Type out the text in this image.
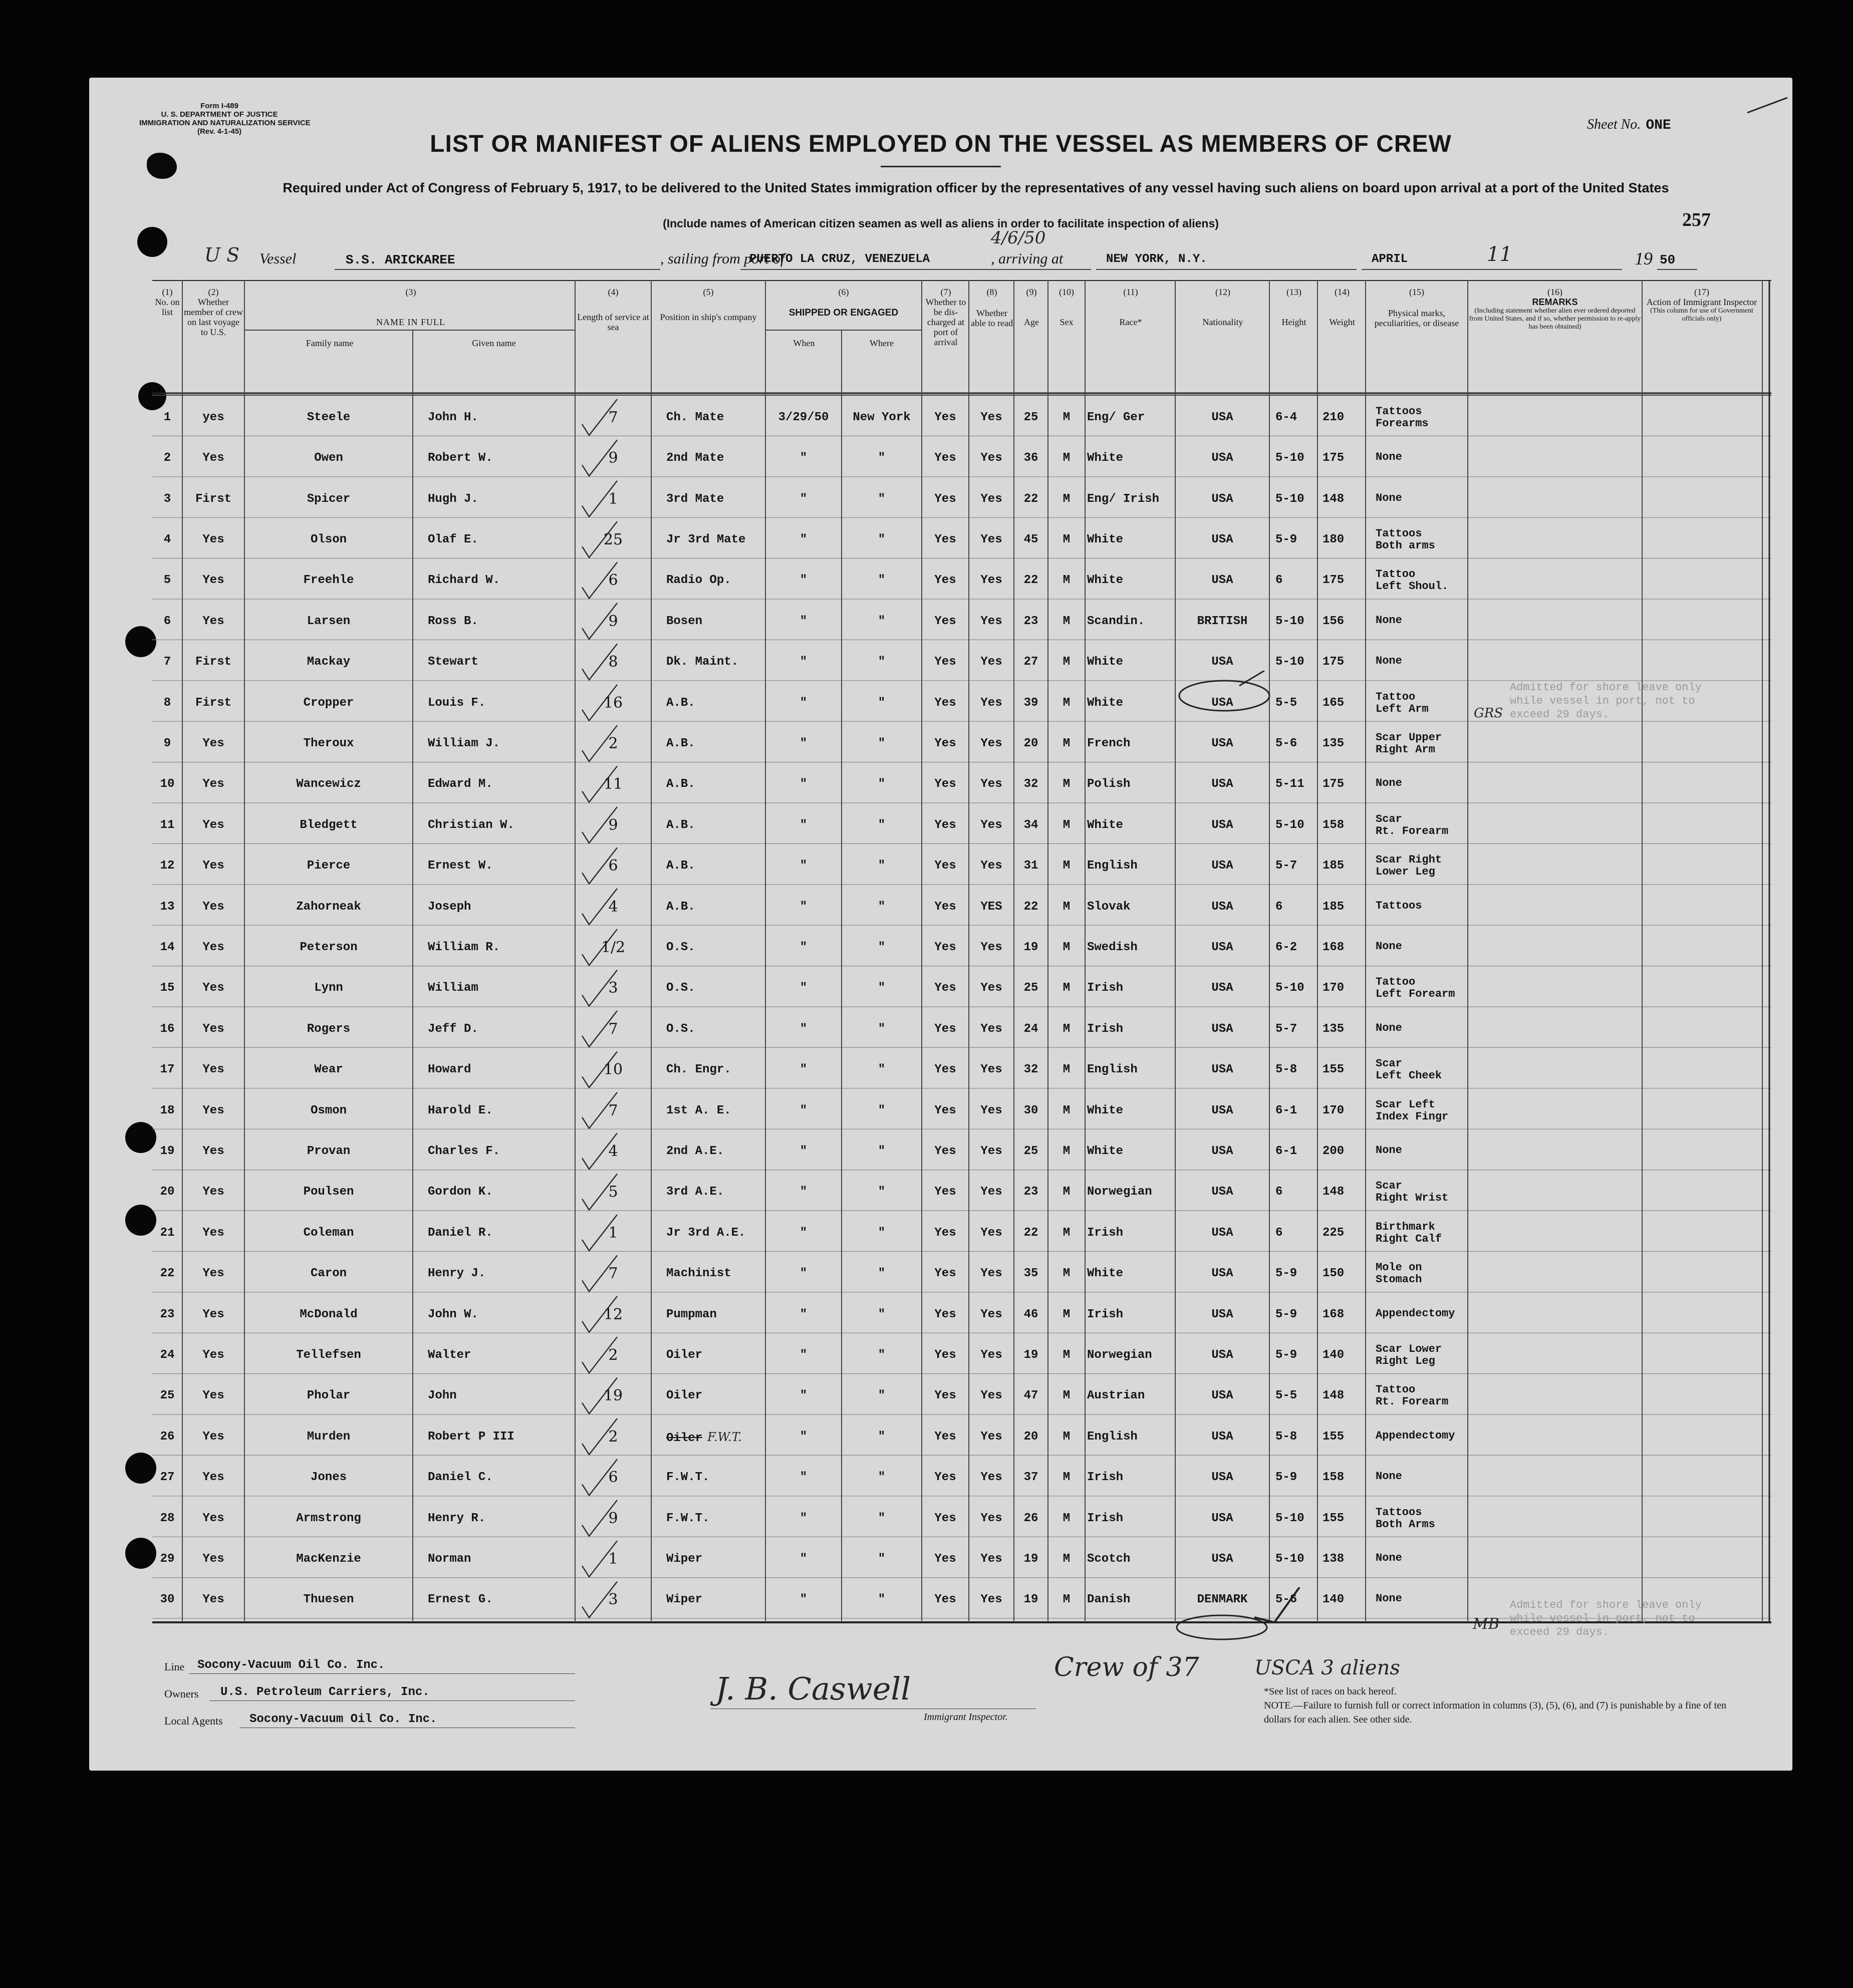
Form I-489
U. S. DEPARTMENT OF JUSTICE
IMMIGRATION AND NATURALIZATION SERVICE
(Rev. 4-1-45)	Sheet No. ONE
LIST OR MANIFEST OF ALIENS EMPLOYED ON THE VESSEL AS MEMBERS OF CREW
Required under Act of Congress of February 5, 1917, to be delivered to the United States immigration officer by the representatives of any vessel having such aliens on board upon arrival at a port of the United States
(Include names of American citizen seamen as well as aliens in order to facilitate inspection of aliens)	257
U S Vessel	S.S. ARICKAREE	, sailing from port of
PUERTO LA CRUZ, VENEZUELA
4/6/50
, arriving at	NEW YORK, N.Y.	APRIL	11	19 50
(1)
No. on list
(2)
Whether member of crew on last voyage to U.S.
(3)
NAME IN FULL
Family name	Given name
(4)
Length of service at sea
(5)
Position in ship's company
(6)
SHIPPED OR ENGAGED
When	Where
(7)
Whether to be dis-charged at port of arrival
(8)
Whether able to read
(9)
Age
(10)
Sex
(11)
Race*
(12)
Nationality
(13)
Height
(14)
Weight
(15)
Physical marks, peculiarities, or disease
(16)
REMARKS
(Including statement whether alien ever ordered deported from United States, and if so, whether permission to re-apply has been obtained)
(17)
Action of Immigrant Inspector
(This column for use of Government officials only)
1	yes	Steele	John H.	7	Ch. Mate	3/29/50	New York	Yes	Yes	25	M	Eng/ Ger	USA	6-4	210	Tattoos
Forearms
2	Yes	Owen	Robert W.	9	2nd Mate	"	"	Yes	Yes	36	M	White	USA	5-10	175	None
3	First	Spicer	Hugh J.	1	3rd Mate	"	"	Yes	Yes	22	M	Eng/ Irish	USA	5-10	148	None
4	Yes	Olson	Olaf E.	25	Jr 3rd Mate	"	"	Yes	Yes	45	M	White	USA	5-9	180	Tattoos
Both arms
5	Yes	Freehle	Richard W.	6	Radio Op.	"	"	Yes	Yes	22	M	White	USA	6	175	Tattoo
Left Shoul.
6	Yes	Larsen	Ross B.	9	Bosen	"	"	Yes	Yes	23	M	Scandin.	BRITISH	5-10	156	None
7	First	Mackay	Stewart	8	Dk. Maint.	"	"	Yes	Yes	27	M	White	USA	5-10	175	None
8	First	Cropper	Louis F.	16	A.B.	"	"	Yes	Yes	39	M	White	USA	5-5	165	Tattoo
Left Arm
9	Yes	Theroux	William J.	2	A.B.	"	"	Yes	Yes	20	M	French	USA	5-6	135	Scar Upper
Right Arm
10	Yes	Wancewicz	Edward M.	11	A.B.	"	"	Yes	Yes	32	M	Polish	USA	5-11	175	None
11	Yes	Bledgett	Christian W.	9	A.B.	"	"	Yes	Yes	34	M	White	USA	5-10	158	Scar
Rt. Forearm
12	Yes	Pierce	Ernest W.	6	A.B.	"	"	Yes	Yes	31	M	English	USA	5-7	185	Scar Right
Lower Leg
13	Yes	Zahorneak	Joseph	4	A.B.	"	"	Yes	YES	22	M	Slovak	USA	6	185	Tattoos
14	Yes	Peterson	William R.	1/2	O.S.	"	"	Yes	Yes	19	M	Swedish	USA	6-2	168	None
15	Yes	Lynn	William	3	O.S.	"	"	Yes	Yes	25	M	Irish	USA	5-10	170	Tattoo
Left Forearm
16	Yes	Rogers	Jeff D.	7	O.S.	"	"	Yes	Yes	24	M	Irish	USA	5-7	135	None
17	Yes	Wear	Howard	10	Ch. Engr.	"	"	Yes	Yes	32	M	English	USA	5-8	155	Scar
Left Cheek
18	Yes	Osmon	Harold E.	7	1st A. E.	"	"	Yes	Yes	30	M	White	USA	6-1	170	Scar Left
Index Fingr
19	Yes	Provan	Charles F.	4	2nd A.E.	"	"	Yes	Yes	25	M	White	USA	6-1	200	None
20	Yes	Poulsen	Gordon K.	5	3rd A.E.	"	"	Yes	Yes	23	M	Norwegian	USA	6	148	Scar
Right Wrist
21	Yes	Coleman	Daniel R.	1	Jr 3rd A.E.	"	"	Yes	Yes	22	M	Irish	USA	6	225	Birthmark
Right Calf
22	Yes	Caron	Henry J.	7	Machinist	"	"	Yes	Yes	35	M	White	USA	5-9	150	Mole on
Stomach
23	Yes	McDonald	John W.	12	Pumpman	"	"	Yes	Yes	46	M	Irish	USA	5-9	168	Appendectomy
24	Yes	Tellefsen	Walter	2	Oiler	"	"	Yes	Yes	19	M	Norwegian	USA	5-9	140	Scar Lower
Right Leg
25	Yes	Pholar	John	19	Oiler	"	"	Yes	Yes	47	M	Austrian	USA	5-5	148	Tattoo
Rt. Forearm
26	Yes	Murden	Robert P III	2	Oiler F.W.T.	"	"	Yes	Yes	20	M	English	USA	5-8	155	Appendectomy
27	Yes	Jones	Daniel C.	6	F.W.T.	"	"	Yes	Yes	37	M	Irish	USA	5-9	158	None
28	Yes	Armstrong	Henry R.	9	F.W.T.	"	"	Yes	Yes	26	M	Irish	USA	5-10	155	Tattoos
Both Arms
29	Yes	MacKenzie	Norman	1	Wiper	"	"	Yes	Yes	19	M	Scotch	USA	5-10	138	None
30	Yes	Thuesen	Ernest G.	3	Wiper	"	"	Yes	Yes	19	M	Danish	DENMARK	5-6	140	None
Admitted for shore leave only
while vessel in port, not to
exceed 29 days.
GRS
Admitted for shore leave only
while vessel in port, not to
exceed 29 days.
MB
Crew of 37	USCA 3 aliens
Line Socony-Vacuum Oil Co. Inc.
Owners U.S. Petroleum Carriers, Inc.
Local Agents Socony-Vacuum Oil Co. Inc.
J. B. Caswell
Immigrant Inspector.
*See list of races on back hereof.
NOTE.—Failure to furnish full or correct information in columns (3), (5), (6), and (7) is punishable by a fine of ten dollars for each alien. See other side.
